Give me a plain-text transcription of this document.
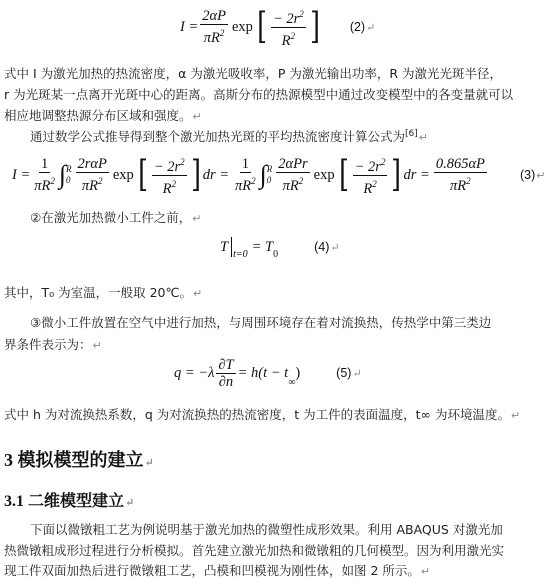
$I = \frac{2\alpha P}{\pi R^2}$ exp [ $\frac{- 2r^2}{R^2}$ ] (2) ↵
式中 I 为激光加热的热流密度，α 为激光吸收率，P 为激光输出功率，R 为激光光斑半径，
r 为光斑某一点离开光斑中心的距离。高斯分布的热源模型中通过改变模型中的各变量就可以
相应地调整热源分布区域和强度。↵
通过数学公式推导得到整个激光加热光斑的平均热流密度计算公式为[6]↵
$I = \frac{1}{\pi R^2}$ ∫ R
$0 \frac{\text{2rαP}}{\pi R^2}$ exp [ $\frac{- 2r^2}{R^2}$ ] dr = $\frac{1}{\pi R^2}$ ∫ R
$0 \frac{\text{2αPr}}{\pi R^2}$ exp [ $\frac{- 2r^2}{R^2}$ ] dr = $\frac{0.865\alpha P}{\pi R^2}$	(3)↵
②在激光加热微小工件之前，↵
T $t=0 = T_0$
(4) ↵
其中，T₀ 为室温，一般取 20℃。↵
③微小工件放置在空气中进行加热，与周围环境存在着对流换热，传热学中第三类边
界条件表示为：↵
$q = -\lambda \frac{\partial T}{\partial n} = h(t - t$
$_\infty$
)	(5) ↵
式中 h 为对流换热系数，q 为对流换热的热流密度，t 为工件的表面温度，t∞ 为环境温度。↵
3 模拟模型的建立↵
3.1 二维模型建立↵
下面以微镦粗工艺为例说明基于激光加热的微塑性成形效果。利用 ABAQUS 对激光加
热微镦粗成形过程进行分析模拟。首先建立激光加热和微镦粗的几何模型。因为利用激光实
现工件双面加热后进行微镦粗工艺，凸模和凹模视为刚性体，如图 2 所示。↵
